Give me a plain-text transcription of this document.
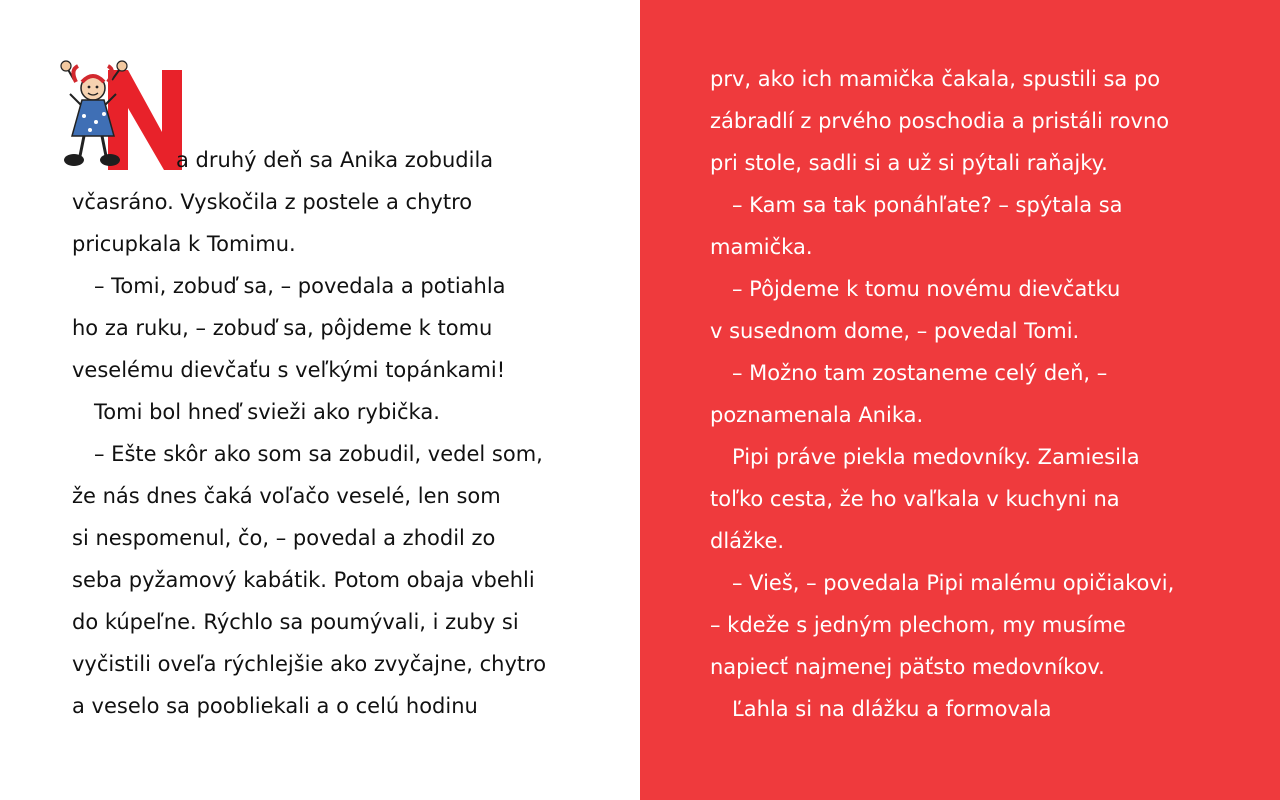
a druhý deň sa Anika zobudila
včasráno. Vyskočila z postele a chytro
pricupkala k Tomimu.
– Tomi, zobuď sa, – povedala a potiahla
ho za ruku, – zobuď sa, pôjdeme k tomu
veselému dievčaťu s veľkými topánkami!
Tomi bol hneď svieži ako rybička.
– Ešte skôr ako som sa zobudil, vedel som,
že nás dnes čaká voľačo veselé, len som
si nespomenul, čo, – povedal a zhodil zo
seba pyžamový kabátik. Potom obaja vbehli
do kúpeľne. Rýchlo sa poumývali, i zuby si
vyčistili oveľa rýchlejšie ako zvyčajne, chytro
a veselo sa poobliekali a o celú hodinu
prv, ako ich mamička čakala, spustili sa po
zábradlí z prvého poschodia a pristáli rovno
pri stole, sadli si a už si pýtali raňajky.
– Kam sa tak ponáhľate? – spýtala sa
mamička.
– Pôjdeme k tomu novému dievčatku
v susednom dome, – povedal Tomi.
– Možno tam zostaneme celý deň, –
poznamenala Anika.
Pipi práve piekla medovníky. Zamiesila
toľko cesta, že ho vaľkala v kuchyni na
dlážke.
– Vieš, – povedala Pipi malému opičiakovi,
– kdeže s jedným plechom, my musíme
napiecť najmenej päťsto medovníkov.
Ľahla si na dlážku a formovala
